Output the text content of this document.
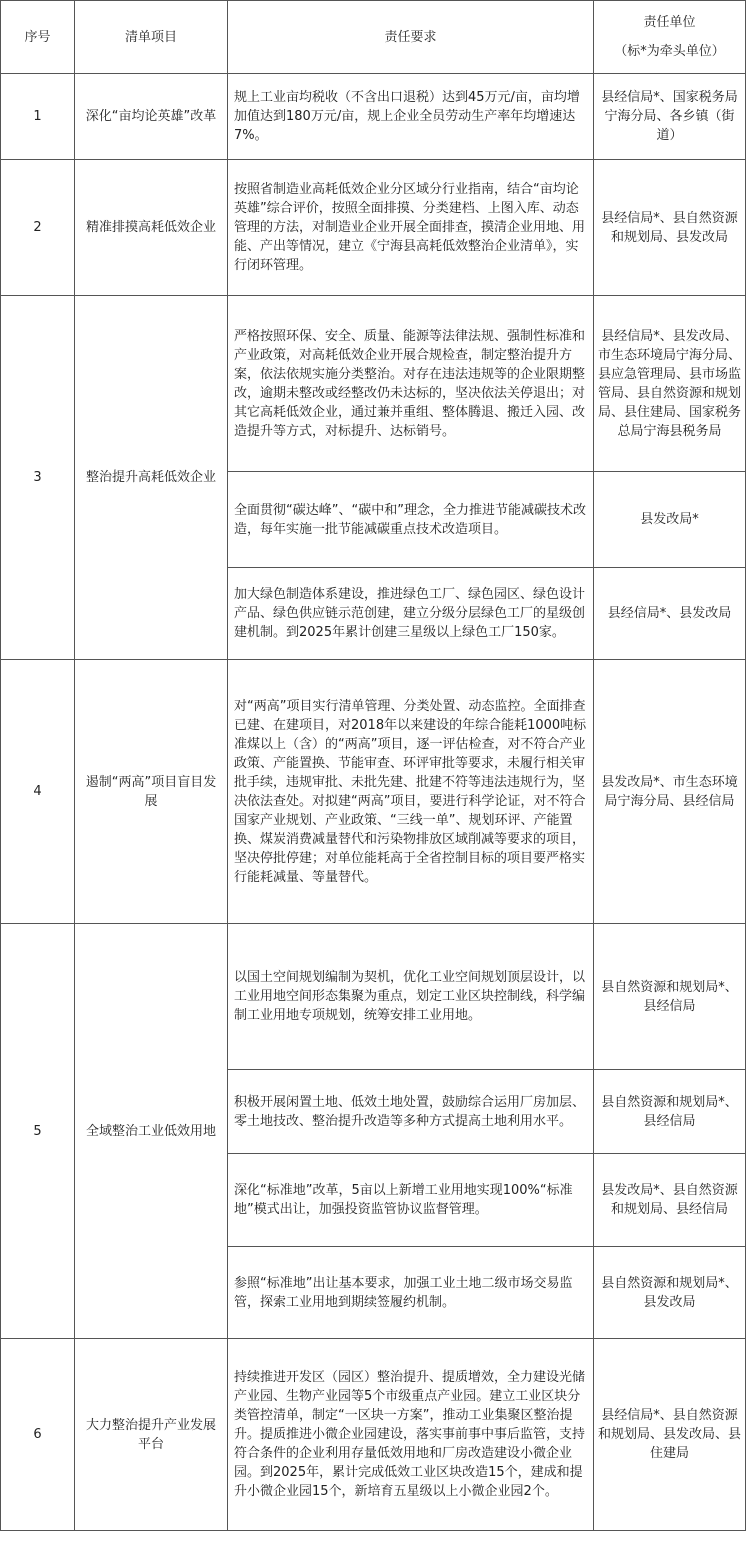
序号	清单项目	责任要求	责任单位
（标*为牵头单位）

1	深化“亩均论英雄”改革	规上工业亩均税收（不含出口退税）达到45万元/亩，亩均增加值达到180万元/亩，规上企业全员劳动生产率年均增速达7%。	县经信局*、国家税务局宁海分局、各乡镇（街道）
2	精准排摸高耗低效企业	按照省制造业高耗低效企业分区域分行业指南，结合“亩均论英雄”综合评价，按照全面排摸、分类建档、上图入库、动态管理的方法，对制造业企业开展全面排查，摸清企业用地、用能、产出等情况，建立《宁海县高耗低效整治企业清单》，实行闭环管理。	县经信局*、县自然资源和规划局、县发改局
3	整治提升高耗低效企业	严格按照环保、安全、质量、能源等法律法规、强制性标准和产业政策，对高耗低效企业开展合规检查，制定整治提升方案，依法依规实施分类整治。对存在违法违规等的企业限期整改，逾期未整改或经整改仍未达标的，坚决依法关停退出；对其它高耗低效企业，通过兼并重组、整体腾退、搬迁入园、改造提升等方式，对标提升、达标销号。	县经信局*、县发改局、市生态环境局宁海分局、县应急管理局、县市场监管局、县自然资源和规划局、县住建局、国家税务总局宁海县税务局
		全面贯彻“碳达峰”、“碳中和”理念，全力推进节能减碳技术改造，每年实施一批节能减碳重点技术改造项目。	县发改局*
		加大绿色制造体系建设，推进绿色工厂、绿色园区、绿色设计产品、绿色供应链示范创建，建立分级分层绿色工厂的星级创建机制。到2025年累计创建三星级以上绿色工厂150家。	县经信局*、县发改局
4	遏制“两高”项目盲目发展	对“两高”项目实行清单管理、分类处置、动态监控。全面排查已建、在建项目，对2018年以来建设的年综合能耗1000吨标准煤以上（含）的“两高”项目，逐一评估检查，对不符合产业政策、产能置换、节能审查、环评审批等要求，未履行相关审批手续，违规审批、未批先建、批建不符等违法违规行为，坚决依法查处。对拟建“两高”项目，要进行科学论证，对不符合国家产业规划、产业政策、“三线一单”、规划环评、产能置换、煤炭消费减量替代和污染物排放区域削减等要求的项目，坚决停批停建；对单位能耗高于全省控制目标的项目要严格实行能耗减量、等量替代。	县发改局*、市生态环境局宁海分局、县经信局
5	全域整治工业低效用地	以国土空间规划编制为契机，优化工业空间规划顶层设计，以工业用地空间形态集聚为重点，划定工业区块控制线，科学编制工业用地专项规划，统筹安排工业用地。	县自然资源和规划局*、县经信局
		积极开展闲置土地、低效土地处置，鼓励综合运用厂房加层、零土地技改、整治提升改造等多种方式提高土地利用水平。	县自然资源和规划局*、县经信局
		深化“标准地”改革，5亩以上新增工业用地实现100%“标准地”模式出让，加强投资监管协议监督管理。	县发改局*、县自然资源和规划局、县经信局
		参照“标准地”出让基本要求，加强工业土地二级市场交易监管，探索工业用地到期续签履约机制。	县自然资源和规划局*、县发改局
6	大力整治提升产业发展平台	持续推进开发区（园区）整治提升、提质增效，全力建设光储产业园、生物产业园等5个市级重点产业园。建立工业区块分类管控清单，制定“一区块一方案”，推动工业集聚区整治提升。提质推进小微企业园建设，落实事前事中事后监管，支持符合条件的企业利用存量低效用地和厂房改造建设小微企业园。到2025年，累计完成低效工业区块改造15个，建成和提升小微企业园15个，新培育五星级以上小微企业园2个。	县经信局*、县自然资源和规划局、县发改局、县住建局
